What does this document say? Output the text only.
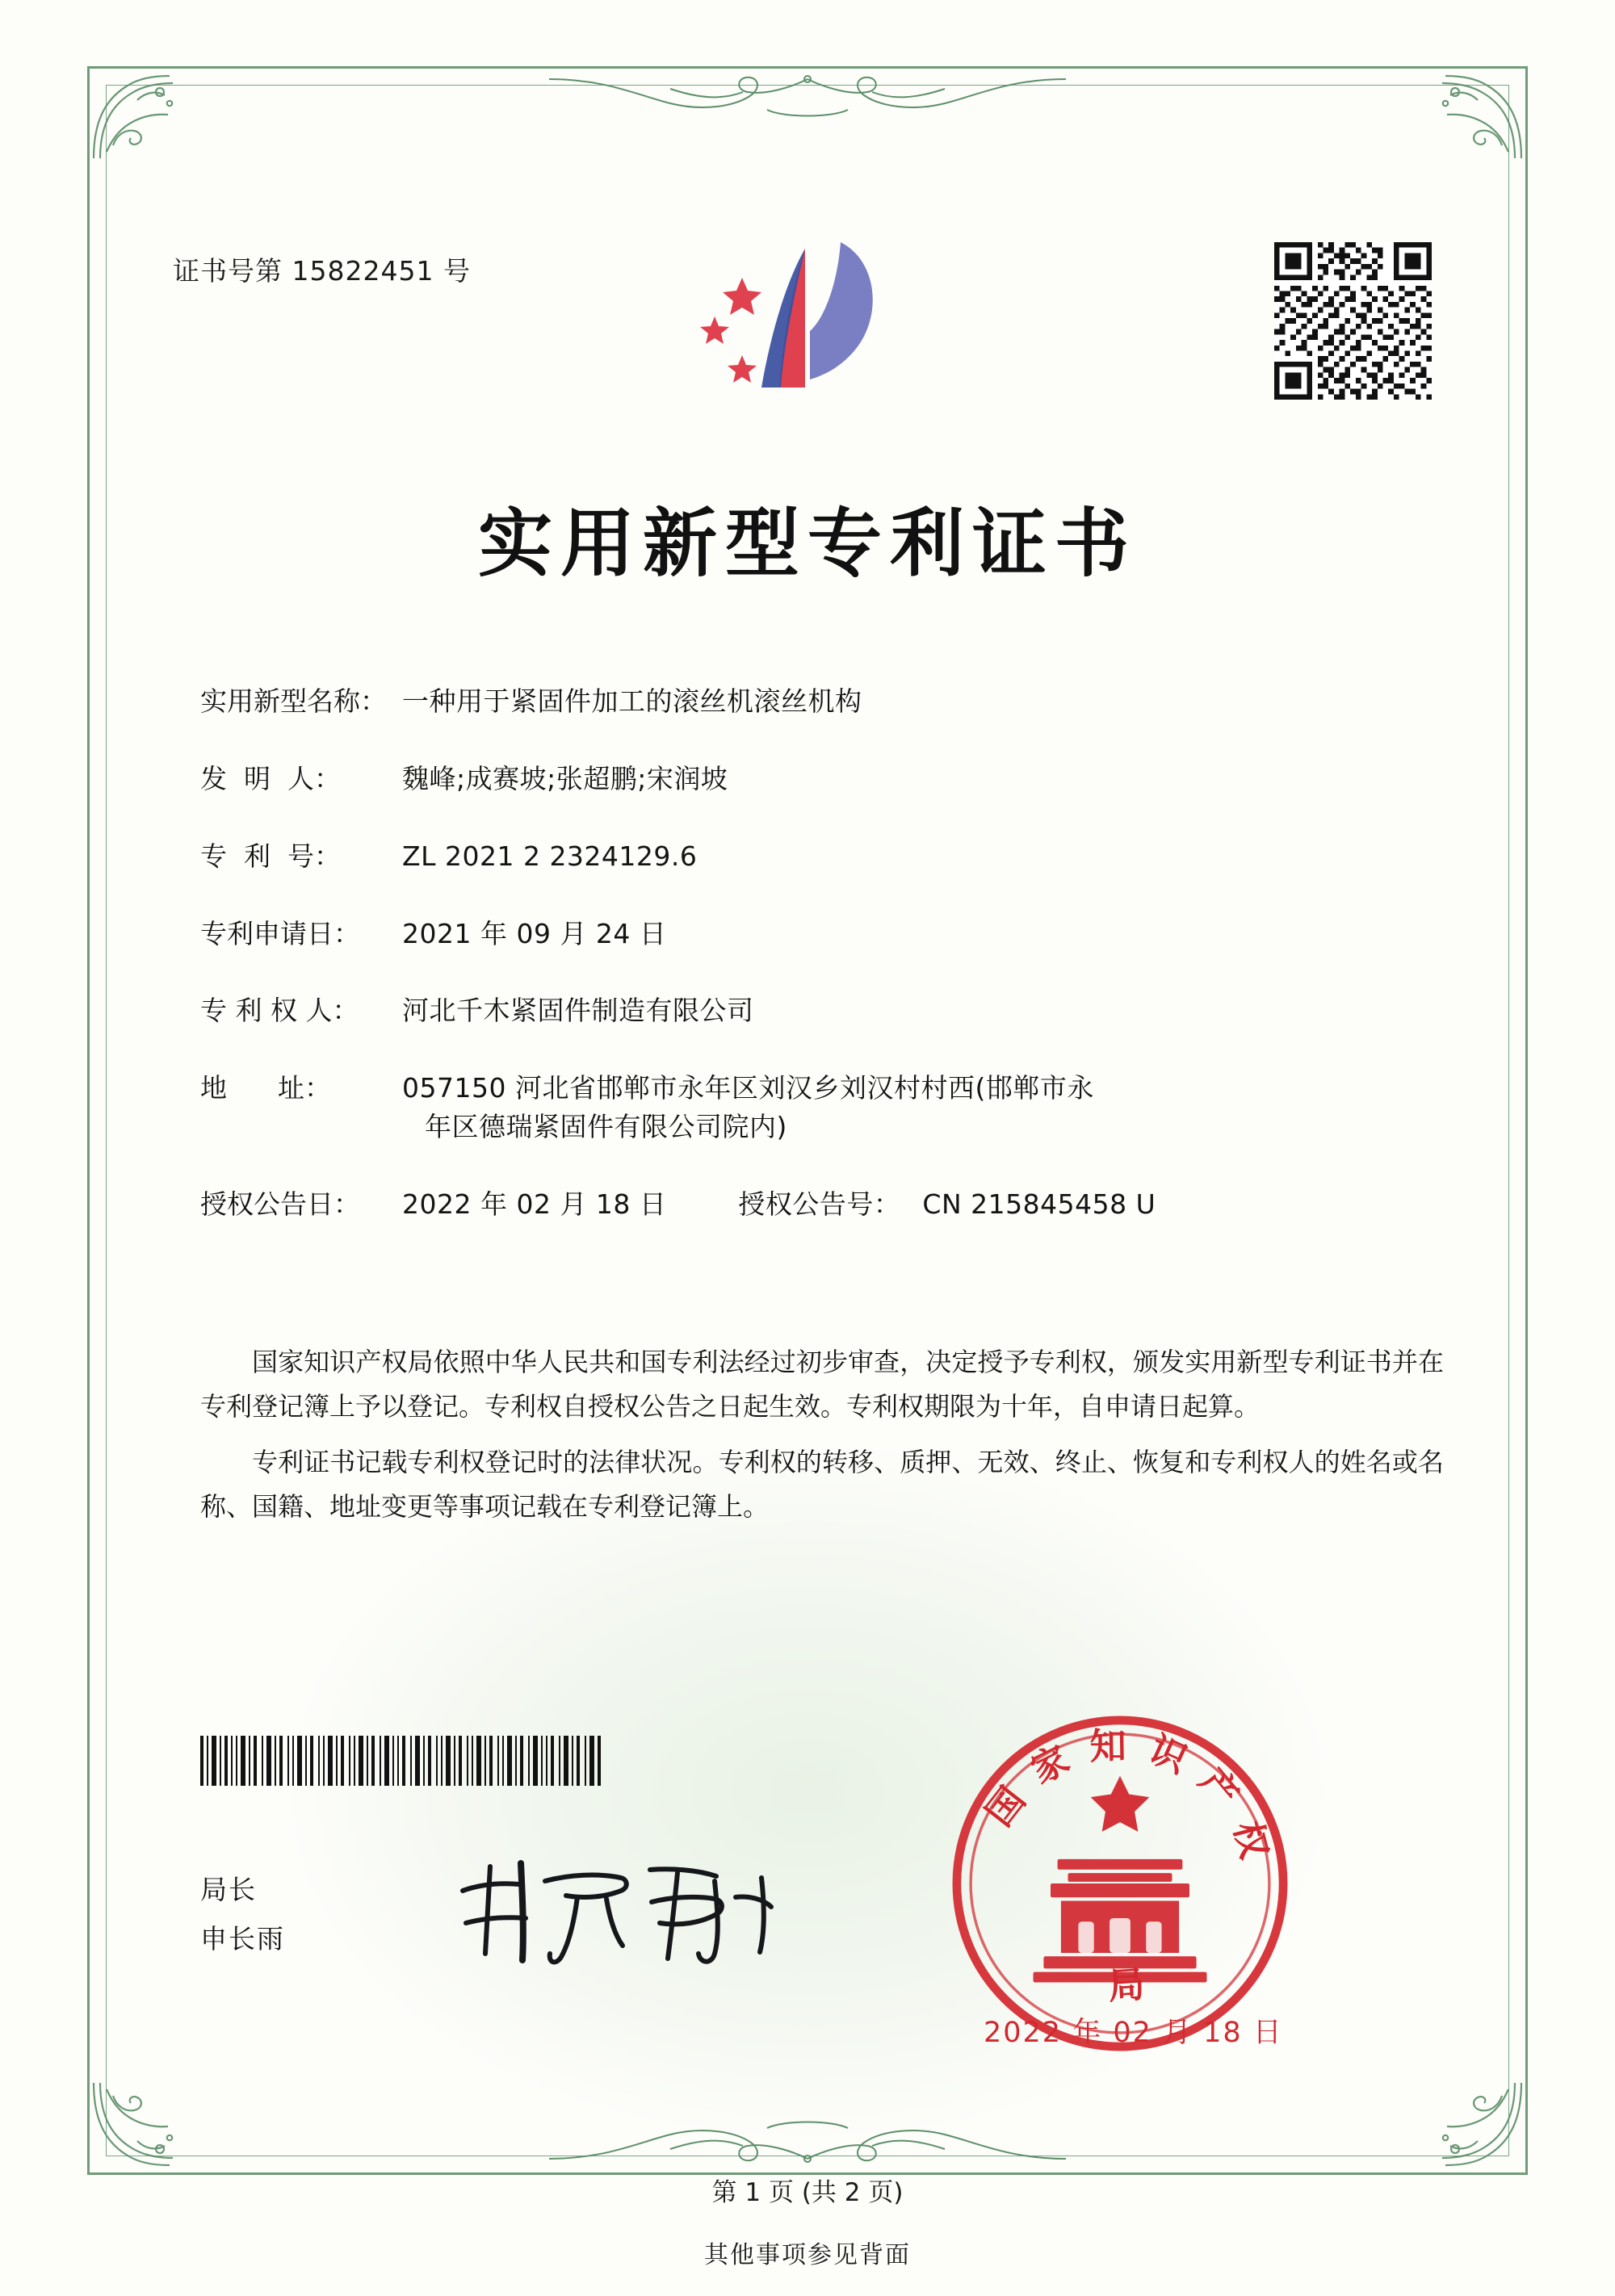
证书号第 15822451 号
实用新型专利证书
实用新型名称： 一种用于紧固件加工的滚丝机滚丝机构
发  明  人：	魏峰;成赛坡;张超鹏;宋润坡
专  利  号：	ZL 2021 2 2324129.6
专利申请日：	2021 年 09 月 24 日
专 利 权 人：	河北千木紧固件制造有限公司
地      址：	057150 河北省邯郸市永年区刘汉乡刘汉村村西(邯郸市永
年区德瑞紧固件有限公司院内)
授权公告日：	2022 年 02 月 18 日	授权公告号： CN 215845458 U

国家知识产权局依照中华人民共和国专利法经过初步审查，决定授予专利权，颁发实用新型专利证书并在专利登记簿上予以登记。专利权自授权公告之日起生效。专利权期限为十年，自申请日起算。

专利证书记载专利权登记时的法律状况。专利权的转移、质押、无效、终止、恢复和专利权人的姓名或名称、国籍、地址变更等事项记载在专利登记簿上。

局长
申长雨
国家知识产权
局
2022 年 02 月 18 日
第 1 页 (共 2 页)
其他事项参见背面
